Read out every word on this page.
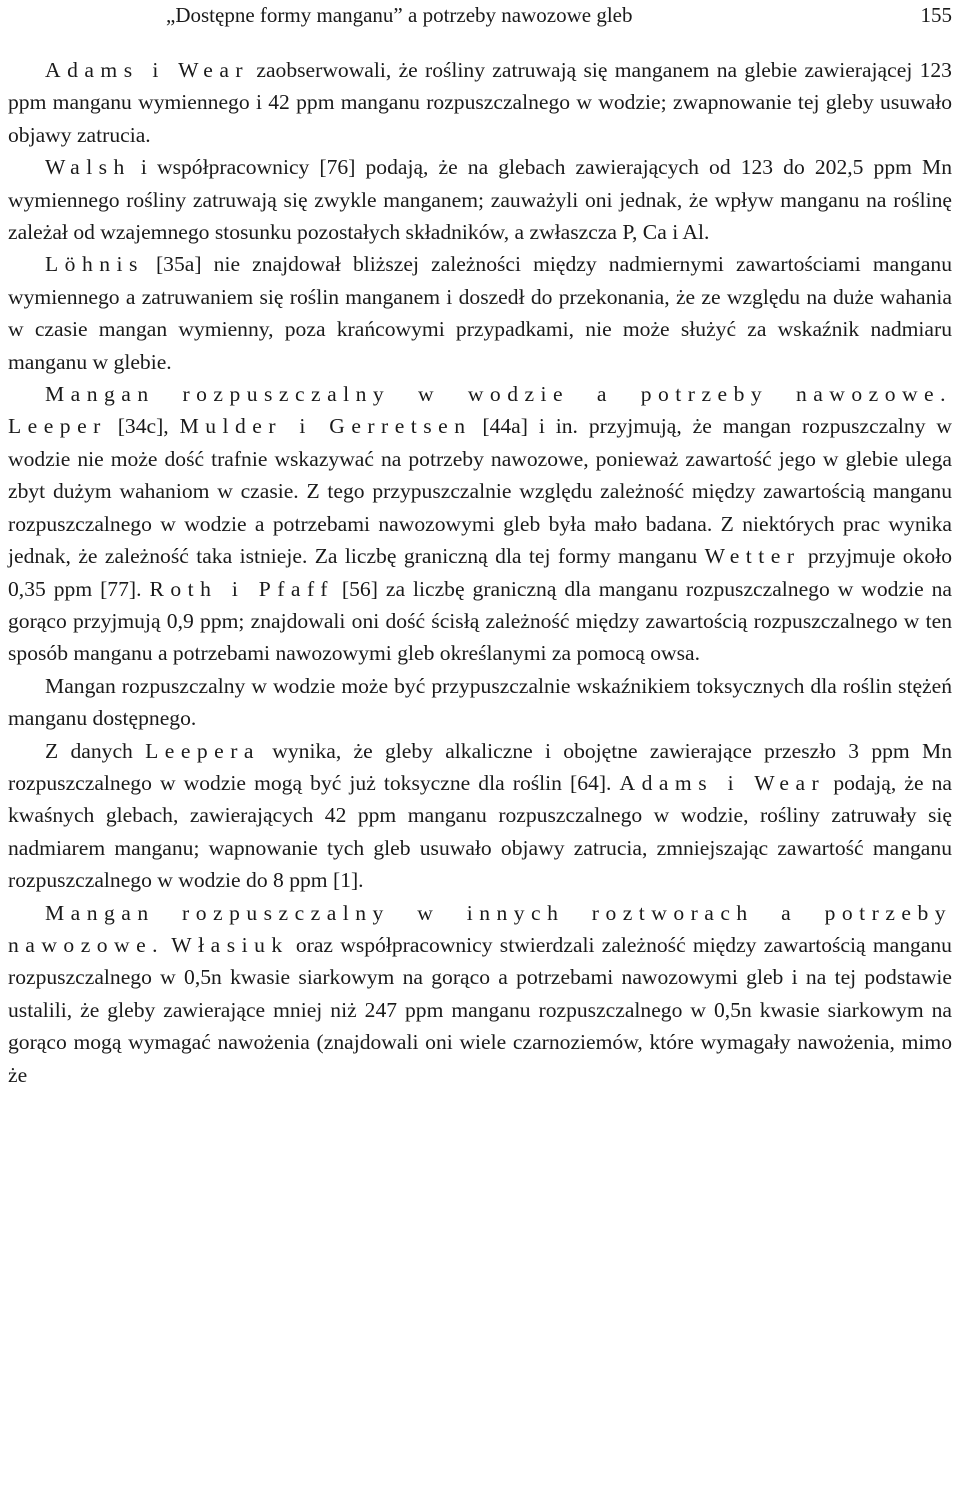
„Dostępne formy manganu” a potrzeby nawozowe gleb	155

Adams i Wear zaobserwowali, że rośliny zatruwają się manganem na glebie zawierającej 123 ppm manganu wymiennego i 42 ppm manganu rozpuszczalnego w wodzie; zwapnowanie tej gleby usuwało objawy zatrucia.

Walsh i współpracownicy [76] podają, że na glebach zawierających od 123 do 202,5 ppm Mn wymiennego rośliny zatruwają się zwykle manganem; zauważyli oni jednak, że wpływ manganu na roślinę zależał od wzajemnego stosunku pozostałych składników, a zwłaszcza P, Ca i Al.

Löhnis [35a] nie znajdował bliższej zależności między nadmiernymi zawartościami manganu wymiennego a zatruwaniem się roślin manganem i doszedł do przekonania, że ze względu na duże wahania w czasie mangan wymienny, poza krańcowymi przypadkami, nie może służyć za wskaźnik nadmiaru manganu w glebie.

Mangan rozpuszczalny w wodzie a potrzeby nawozowe. Leeper [34c], Mulder i Gerretsen [44a] i in. przyjmują, że mangan rozpuszczalny w wodzie nie może dość trafnie wskazywać na potrzeby nawozowe, ponieważ zawartość jego w glebie ulega zbyt dużym wahaniom w czasie. Z tego przypuszczalnie względu zależność między zawartością manganu rozpuszczalnego w wodzie a potrzebami nawozowymi gleb była mało badana. Z niektórych prac wynika jednak, że zależność taka istnieje. Za liczbę graniczną dla tej formy manganu Wetter przyjmuje około 0,35 ppm [77]. Roth i Pfaff [56] za liczbę graniczną dla manganu rozpuszczalnego w wodzie na gorąco przyjmują 0,9 ppm; znajdowali oni dość ścisłą zależność między zawartością rozpuszczalnego w ten sposób manganu a potrzebami nawozowymi gleb określanymi za pomocą owsa.

Mangan rozpuszczalny w wodzie może być przypuszczalnie wskaźnikiem toksycznych dla roślin stężeń manganu dostępnego.

Z danych Leepera wynika, że gleby alkaliczne i obojętne zawierające przeszło 3 ppm Mn rozpuszczalnego w wodzie mogą być już toksyczne dla roślin [64]. Adams i Wear podają, że na kwaśnych glebach, zawierających 42 ppm manganu rozpuszczalnego w wodzie, rośliny zatruwały się nadmiarem manganu; wapnowanie tych gleb usuwało objawy zatrucia, zmniejszając zawartość manganu rozpuszczalnego w wodzie do 8 ppm [1].

Mangan rozpuszczalny w innych roztworach a potrzeby nawozowe. Własiuk oraz współpracownicy stwierdzali zależność między zawartością manganu rozpuszczalnego w 0,5n kwasie siarkowym na gorąco a potrzebami nawozowymi gleb i na tej podstawie ustalili, że gleby zawierające mniej niż 247 ppm manganu rozpuszczalnego w 0,5n kwasie siarkowym na gorąco mogą wymagać nawożenia (znajdowali oni wiele czarnoziemów, które wymagały nawożenia, mimo że
